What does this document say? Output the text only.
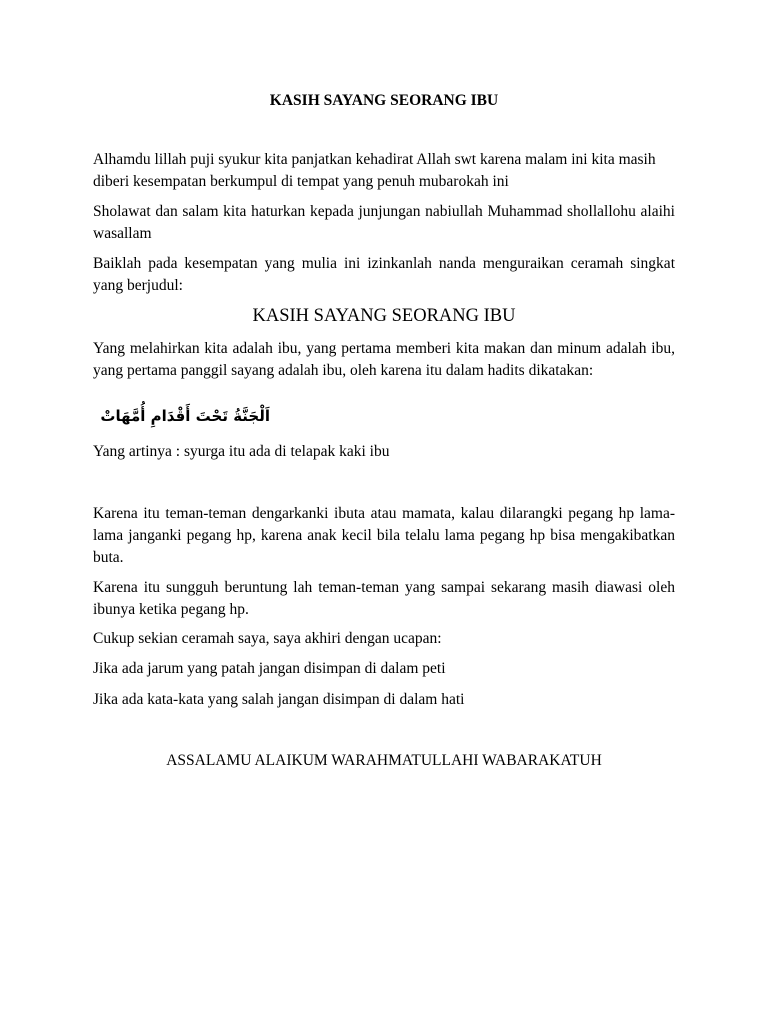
KASIH SAYANG SEORANG IBU
Alhamdu lillah puji syukur kita panjatkan kehadirat Allah swt karena malam ini kita masih diberi kesempatan berkumpul di tempat yang penuh mubarokah ini
Sholawat dan salam kita haturkan kepada junjungan nabiullah Muhammad shollallohu alaihi wasallam
Baiklah pada kesempatan yang mulia ini izinkanlah nanda menguraikan ceramah singkat yang berjudul:
KASIH SAYANG SEORANG IBU
Yang melahirkan kita adalah ibu, yang pertama memberi kita makan dan minum adalah ibu, yang pertama panggil sayang adalah ibu, oleh karena itu dalam hadits dikatakan:
اَلْجَنَّةُ تَحْتَ أَقْدَامِ أُمَّهَاتْ
Yang artinya : syurga itu ada di telapak kaki ibu
Karena itu teman-teman dengarkanki ibuta atau mamata, kalau dilarangki pegang hp lama-lama janganki pegang hp, karena anak kecil bila telalu lama pegang hp bisa mengakibatkan buta.
Karena itu sungguh beruntung lah teman-teman yang sampai sekarang masih diawasi oleh ibunya ketika pegang hp.
Cukup sekian ceramah saya, saya akhiri dengan ucapan:
Jika ada jarum yang patah jangan disimpan di dalam peti
Jika ada kata-kata yang salah jangan disimpan di dalam hati
ASSALAMU ALAIKUM WARAHMATULLAHI WABARAKATUH
